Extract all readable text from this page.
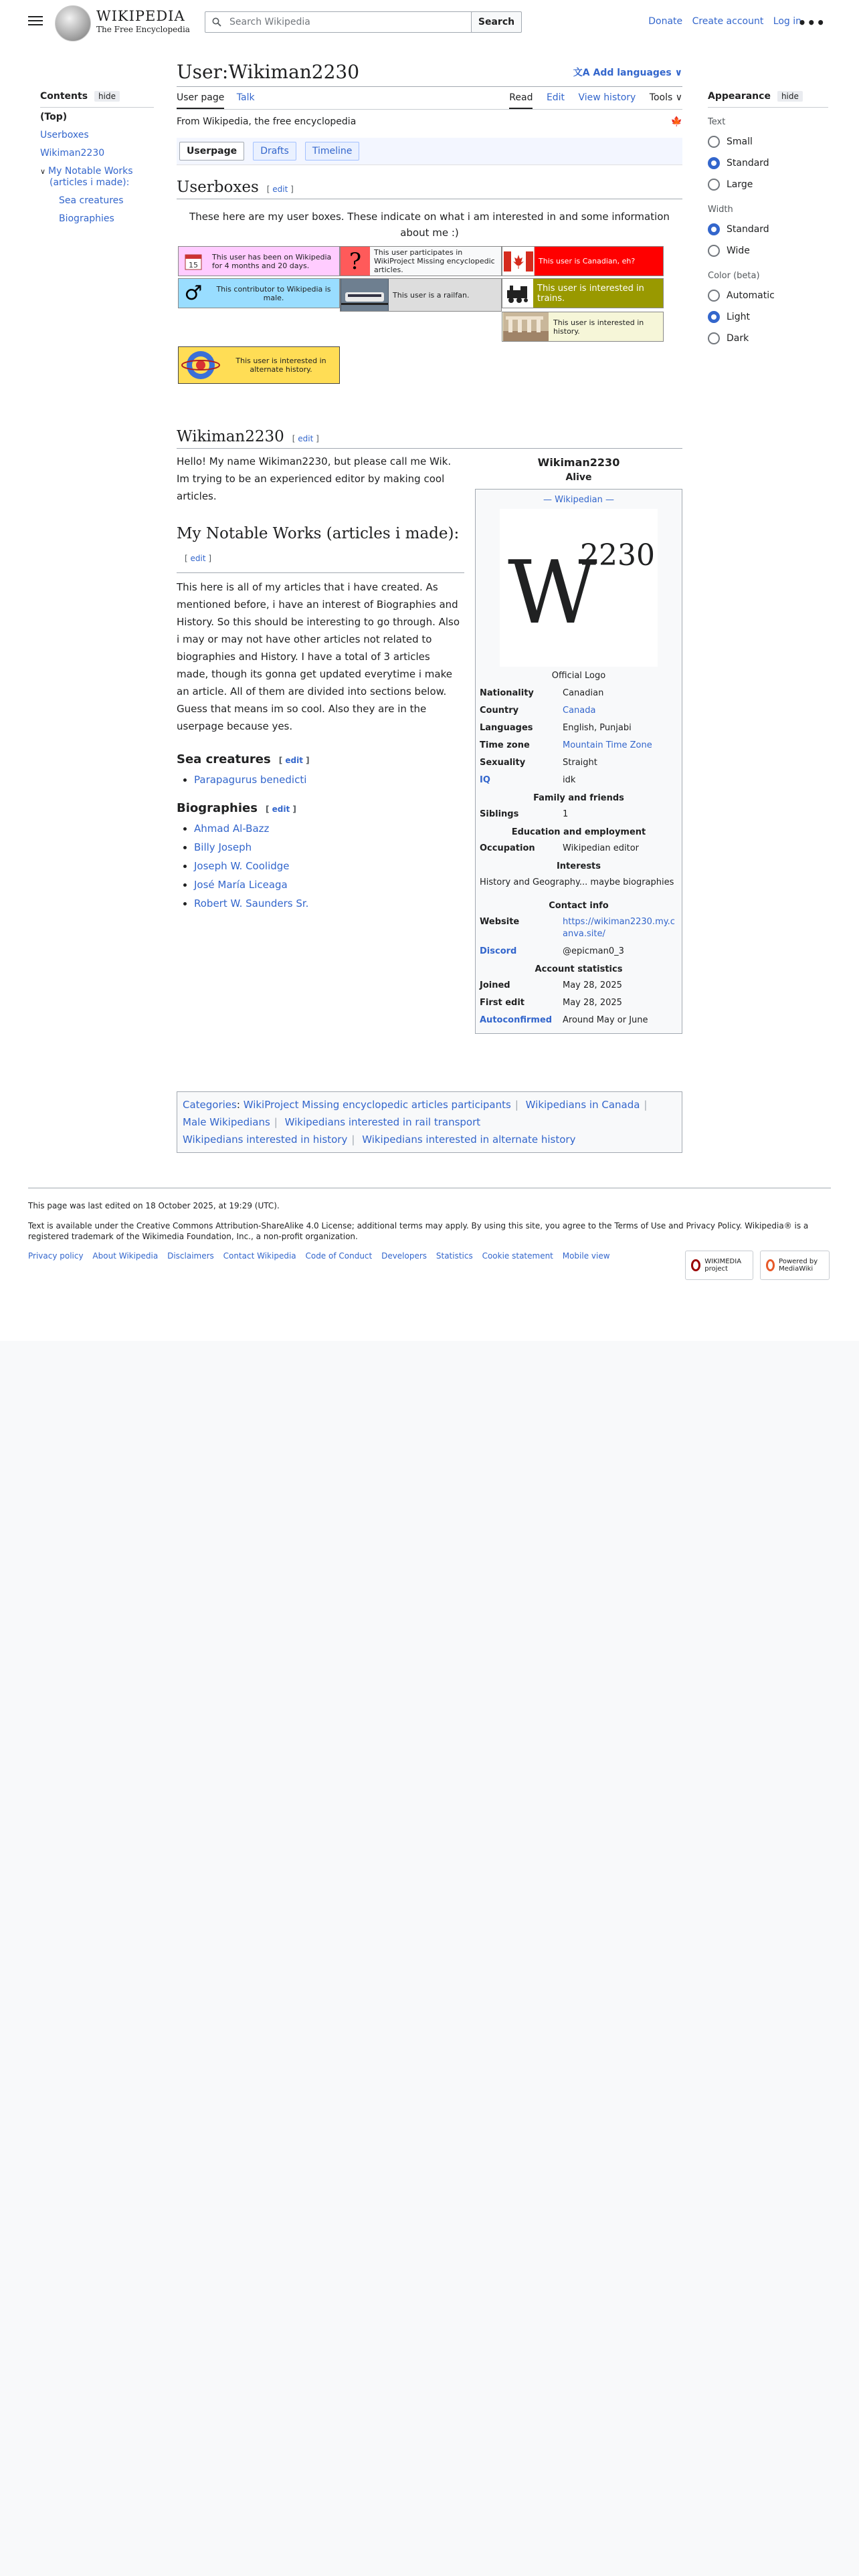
WIKIPEDIA
The Free Encyclopedia
Search Wikipedia
Search	Donate Create account Log in
•••
Contents	hide
(Top)
Userboxes
Wikiman2230
∨ My Notable Works (articles i made):
Sea creatures
Biographies
User:Wikiman2230	文A Add languages ∨
User page Talk	Read Edit View history Tools ∨
From Wikipedia, the free encyclopedia	🍁
Userpage	Drafts	Timeline
Userboxes [ edit ]
These here are my user boxes. These indicate on what i am interested in and some information about me :)
15
This user has been on Wikipedia for 4 months and 20 days.	?	This user participates in WikiProject Missing encyclopedic articles.
This user is Canadian, eh?
♂	This contributor to Wikipedia is male.	This user is a railfan.
This user is interested in trains.
This user is interested in history.
This user is interested in alternate history.
Wikiman2230 [ edit ]

Hello! My name Wikiman2230, but please call me Wik. Im trying to be an experienced editor by making cool articles.

My Notable Works (articles i made):[ edit ]

This here is all of my articles that i have created. As mentioned before, i have an interest of Biographies and History. So this should be interesting to go through. Also i may or may not have other articles not related to biographies and History. I have a total of 3 articles made, though its gonna get updated everytime i make an article. All of them are divided into sections below. Guess that means im so cool. Also they are in the userpage because yes.

Sea creatures [ edit ]
• Parapagurus benedicti
Biographies [ edit ]
• Ahmad Al-Bazz
• Billy Joseph
• Joseph W. Coolidge
• José María Liceaga
• Robert W. Saunders Sr.
Wikiman2230
Alive
— Wikipedian —
W
2230
Official Logo
Nationality	Canadian
Country	Canada
Languages	English, Punjabi
Time zone	Mountain Time Zone
Sexuality	Straight
IQ	idk
Family and friends
Siblings	1
Education and employment
Occupation	Wikipedian editor
Interests
History and Geography... maybe biographies
Contact info
Website	https://wikiman2230.my.canva.site/
Discord	@epicman0_3
Account statistics
Joined	May 28, 2025
First edit	May 28, 2025
Autoconfirmed	Around May or June
Categories: WikiProject Missing encyclopedic articles participants | Wikipedians in Canada |
Male Wikipedians | Wikipedians interested in rail transport
Wikipedians interested in history | Wikipedians interested in alternate history

This page was last edited on 18 October 2025, at 19:29 (UTC).

Text is available under the Creative Commons Attribution-ShareAlike 4.0 License; additional terms may apply. By using this site, you agree to the Terms of Use and Privacy Policy. Wikipedia® is a registered trademark of the Wikimedia Foundation, Inc., a non-profit organization.

Privacy policy About Wikipedia Disclaimers Contact Wikipedia Code of Conduct Developers Statistics Cookie statement Mobile view
WIKIMEDIA project
Powered by MediaWiki
Appearance	hide
Text
Small
Standard
Large
Width
Standard
Wide
Color (beta)
Automatic
Light
Dark
